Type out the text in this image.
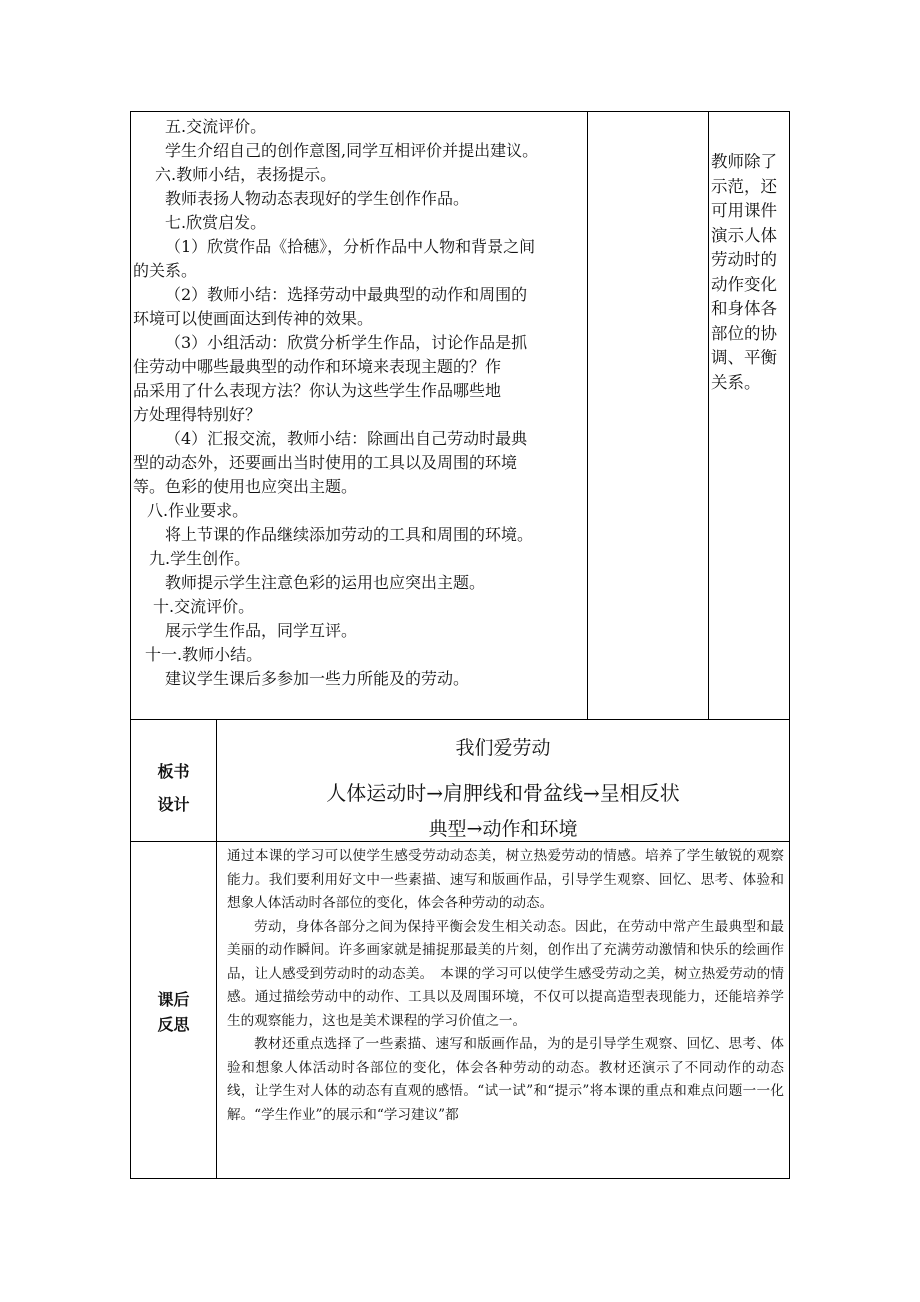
五.交流评价。

学生介绍自己的创作意图,同学互相评价并提出建议。

六.教师小结，表扬提示。

教师表扬人物动态表现好的学生创作作品。

七.欣赏启发。

（1）欣赏作品《拾穗》，分析作品中人物和背景之间

的关系。

（2）教师小结：选择劳动中最典型的动作和周围的

环境可以使画面达到传神的效果。

（3）小组活动：欣赏分析学生作品，讨论作品是抓

住劳动中哪些最典型的动作和环境来表现主题的？作

品采用了什么表现方法？你认为这些学生作品哪些地

方处理得特别好？

（4）汇报交流，教师小结：除画出自己劳动时最典

型的动态外，还要画出当时使用的工具以及周围的环境

等。色彩的使用也应突出主题。

八.作业要求。

将上节课的作品继续添加劳动的工具和周围的环境。

九.学生创作。

教师提示学生注意色彩的运用也应突出主题。

十.交流评价。

展示学生作品，同学互评。

十一.教师小结。

建议学生课后多参加一些力所能及的劳动。

教师除了示范，还可用课件演示人体劳动时的动作变化和身体各部位的协调、平衡关系。

板书

设计

我们爱劳动
人体运动时→肩胛线和骨盆线→呈相反状
典型→动作和环境

课后

反思

通过本课的学习可以使学生感受劳动动态美，树立热爱劳动的情感。培养了学生敏锐的观察能力。我们要利用好文中一些素描、速写和版画作品，引导学生观察、回忆、思考、体验和想象人体活动时各部位的变化，体会各种劳动的动态。

劳动，身体各部分之间为保持平衡会发生相关动态。因此，在劳动中常产生最典型和最美丽的动作瞬间。许多画家就是捕捉那最美的片刻，创作出了充满劳动激情和快乐的绘画作品，让人感受到劳动时的动态美。　本课的学习可以使学生感受劳动之美，树立热爱劳动的情感。通过描绘劳动中的动作、工具以及周围环境，不仅可以提高造型表现能力，还能培养学生的观察能力，这也是美术课程的学习价值之一。

教材还重点选择了一些素描、速写和版画作品，为的是引导学生观察、回忆、思考、体验和想象人体活动时各部位的变化，体会各种劳动的动态。教材还演示了不同动作的动态线，让学生对人体的动态有直观的感悟。“试一试”和“提示”将本课的重点和难点问题一一化解。“学生作业”的展示和“学习建议”都
